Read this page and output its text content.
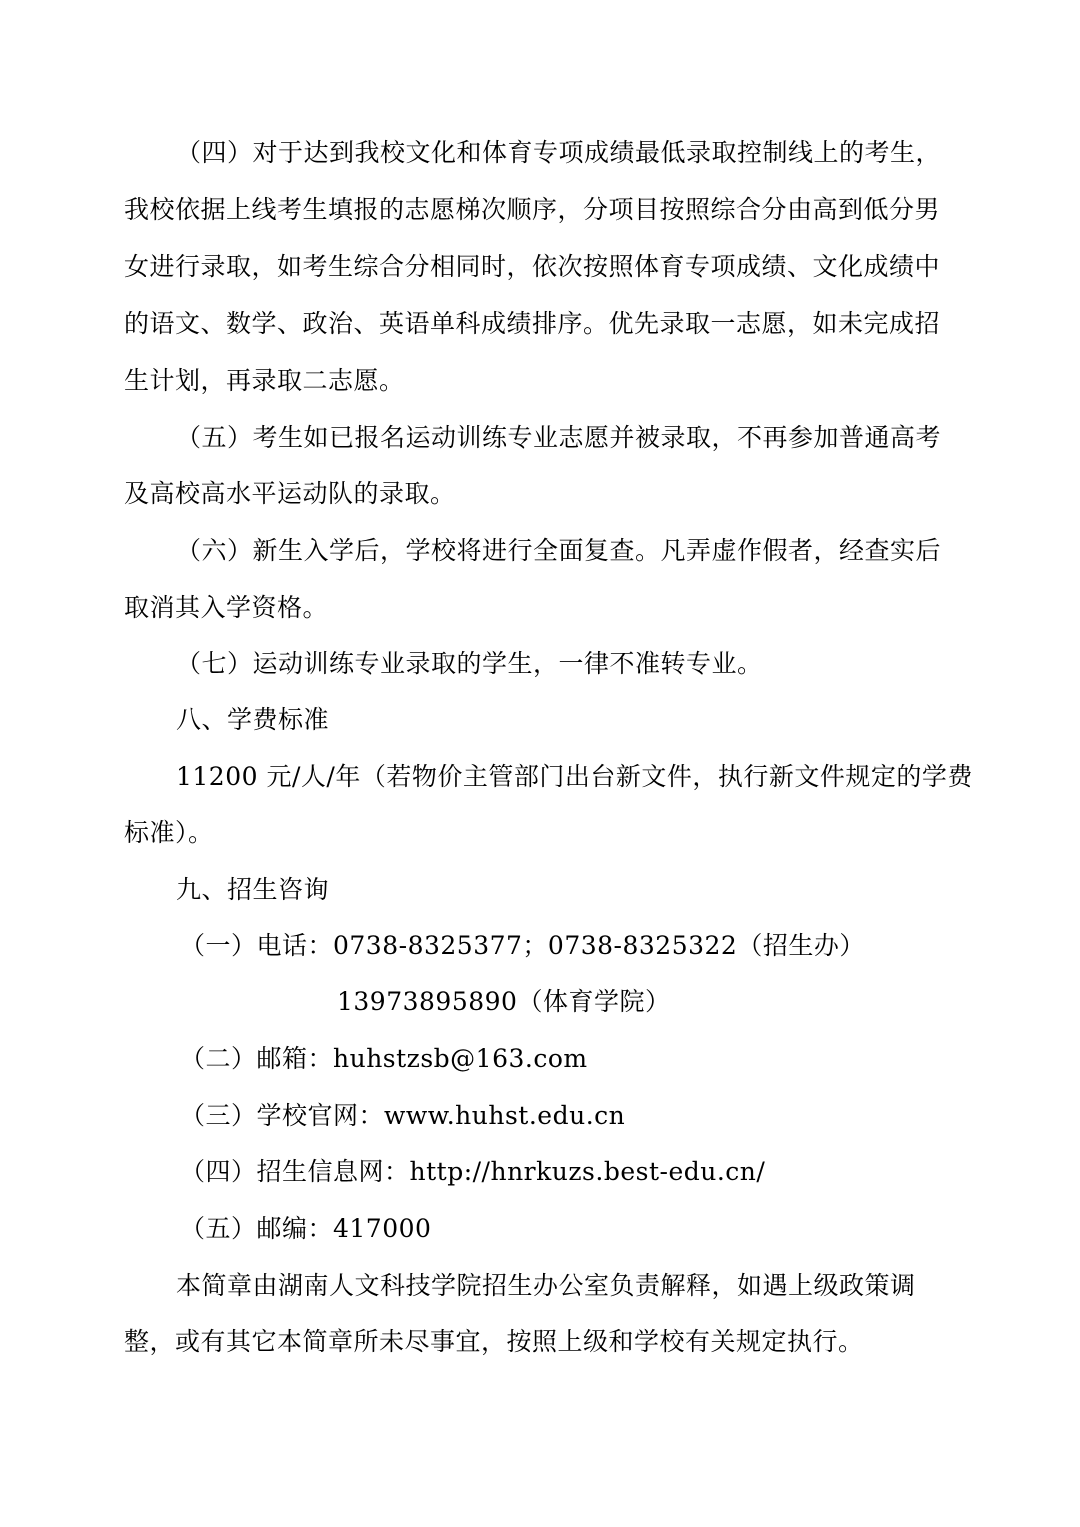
（四）对于达到我校文化和体育专项成绩最低录取控制线上的考生，
我校依据上线考生填报的志愿梯次顺序，分项目按照综合分由高到低分男
女进行录取，如考生综合分相同时，依次按照体育专项成绩、文化成绩中
的语文、数学、政治、英语单科成绩排序。优先录取一志愿，如未完成招
生计划，再录取二志愿。
（五）考生如已报名运动训练专业志愿并被录取，不再参加普通高考
及高校高水平运动队的录取。
（六）新生入学后，学校将进行全面复查。凡弄虚作假者，经查实后
取消其入学资格。
（七）运动训练专业录取的学生，一律不准转专业。
八、学费标准
11200 元/人/年（若物价主管部门出台新文件，执行新文件规定的学费
标准）。
九、招生咨询
（一）电话：0738-8325377；0738-8325322（招生办）
13973895890（体育学院）
（二）邮箱：huhstzsb@163.com
（三）学校官网：www.huhst.edu.cn
（四）招生信息网：http://hnrkuzs.best-edu.cn/
（五）邮编：417000
本简章由湖南人文科技学院招生办公室负责解释，如遇上级政策调
整，或有其它本简章所未尽事宜，按照上级和学校有关规定执行。
